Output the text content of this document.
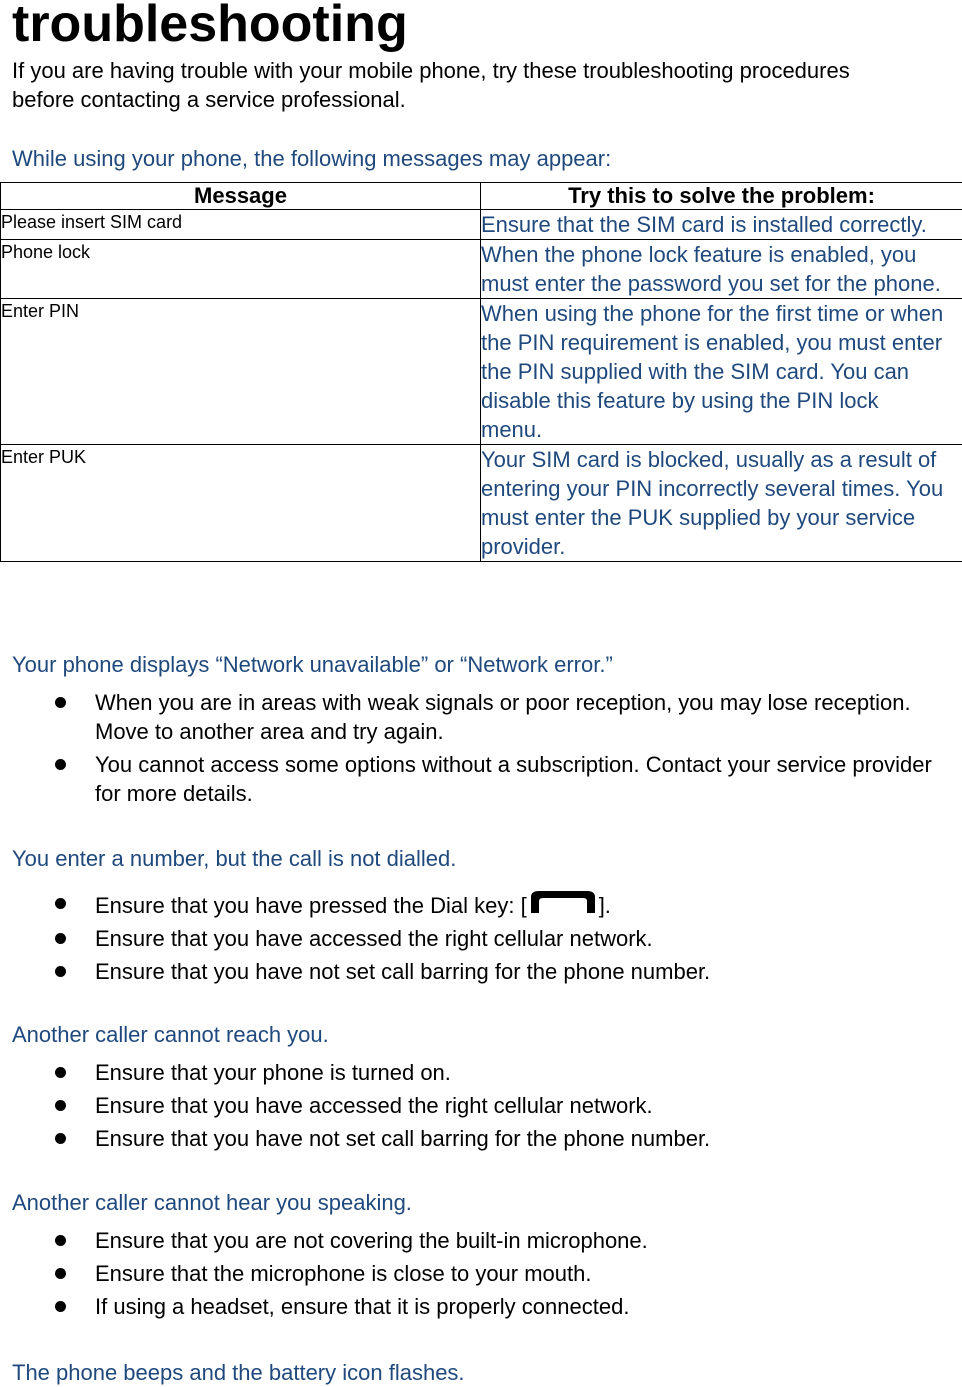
troubleshooting

If you are having trouble with your mobile phone, try these troubleshooting procedures before contacting a service professional.

While using your phone, the following messages may appear:

Message	Try this to solve the problem:
Please insert SIM card	Ensure that the SIM card is installed correctly.
Phone lock	When the phone lock feature is enabled, you must enter the password you set for the phone.
Enter PIN	When using the phone for the first time or when the PIN requirement is enabled, you must enter the PIN supplied with the SIM card. You can disable this feature by using the PIN lock    menu.
Enter PUK	Your SIM card is blocked, usually as a result of entering your PIN incorrectly several times. You must enter the PUK supplied by your service provider.

Your phone displays “Network unavailable” or “Network error.”

When you are in areas with weak signals or poor reception, you may lose reception. Move to another area and try again.
You cannot access some options without a subscription. Contact your service provider for more details.

You enter a number, but the call is not dialled.

Ensure that you have pressed the Dial key: [	].
Ensure that you have accessed the right cellular network.
Ensure that you have not set call barring for the phone number.

Another caller cannot reach you.

Ensure that your phone is turned on.
Ensure that you have accessed the right cellular network.
Ensure that you have not set call barring for the phone number.

Another caller cannot hear you speaking.

Ensure that you are not covering the built-in microphone.
Ensure that the microphone is close to your mouth.
If using a headset, ensure that it is properly connected.

The phone beeps and the battery icon flashes.
